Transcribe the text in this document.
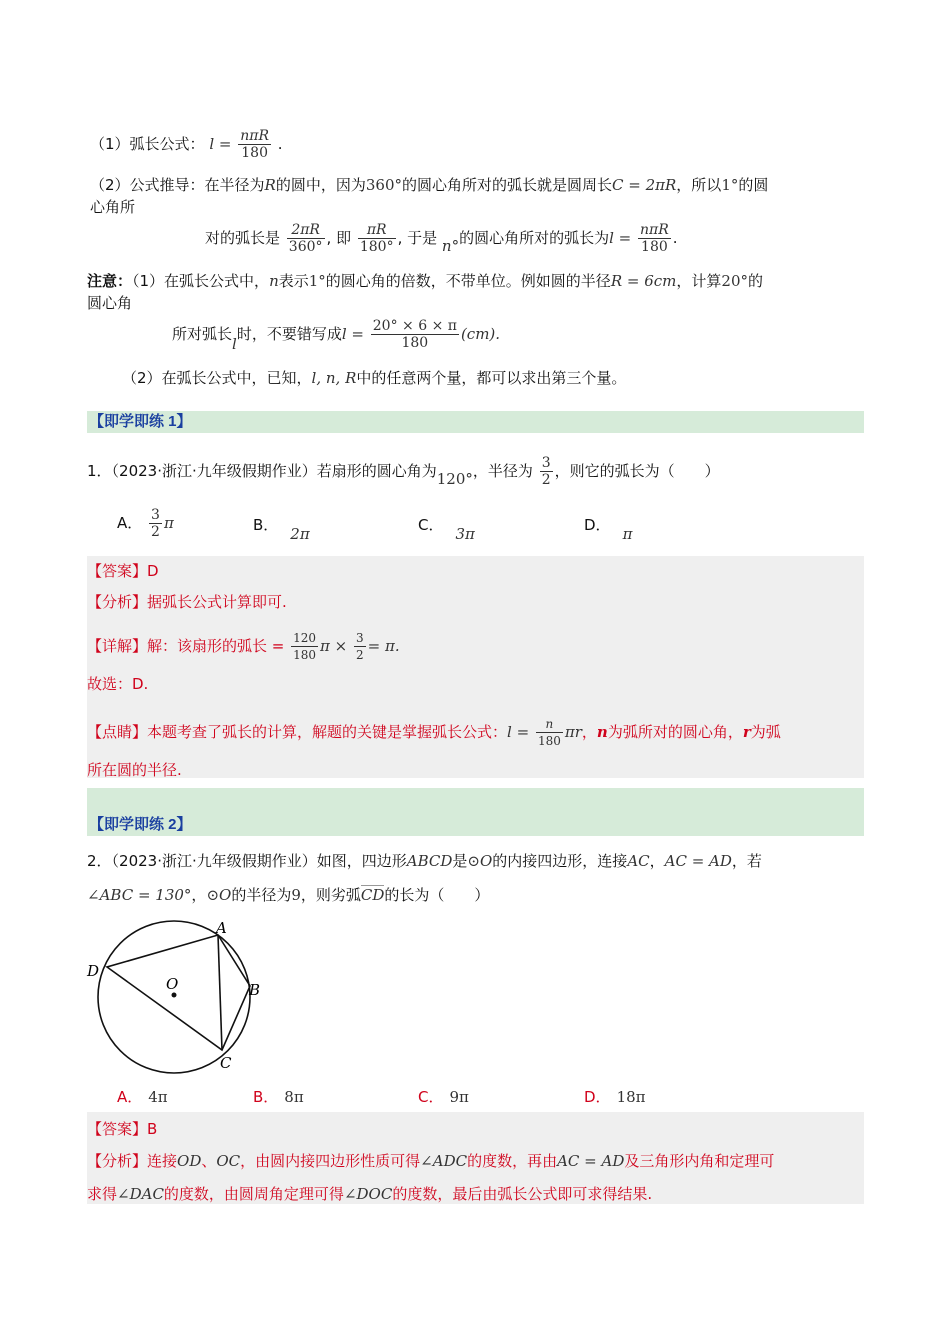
（1）弧长公式： $l = \frac{\text{nπR}}{180}$ .
（2）公式推导：在半径为R的圆中，因为360°的圆心角所对的弧长就是圆周长C = 2πR，所以1°的圆
心角所
对的弧长是 $\frac{2\pi R}{360^\circ}$ , 即 $\frac{\pi R}{180^\circ}$ , 于是 n°的圆心角所对的弧长为$l = \frac{\text{nπR}}{180}$ .
注意：（1）在弧长公式中，n表示1°的圆心角的倍数，不带单位。例如圆的半径R = 6cm，计算20°的
圆心角
所对弧长l时，不要错写成$l = \frac{20^\circ \times 6 \times \pi}{180} (cm)$.
（2）在弧长公式中，已知，l, n, R中的任意两个量，都可以求出第三个量。
【即学即练 1】
1．（2023·浙江·九年级假期作业）若扇形的圆心角为120°，半径为 $\frac{3}{2}$ ，则它的弧长为（　　）
A． $\frac{3}{2}$ π	B． 2π	C． 3π	D． π
【答案】D
【分析】据弧长公式计算即可.
【详解】解：该扇形的弧长 = $\frac{120}{180}$ $\pi \times \frac{3}{2} = \pi$.
故选：D.
【点睛】本题考查了弧长的计算，解题的关键是掌握弧长公式：$l = \frac{n}{180}$ πr，n为弧所对的圆心角，r为弧
所在圆的半径.
【即学即练 2】
2．（2023·浙江·九年级假期作业）如图，四边形ABCD是⊙O的内接四边形，连接AC，AC = AD，若
∠ABC = 130°，⊙O的半径为9，则劣弧CD的长为（　　）
A
B
C
D
O
A． 4π	B． 8π	C． 9π	D． 18π
【答案】B
【分析】连接OD、OC，由圆内接四边形性质可得∠ADC的度数，再由AC = AD及三角形内角和定理可
求得∠DAC的度数，由圆周角定理可得∠DOC的度数，最后由弧长公式即可求得结果.
